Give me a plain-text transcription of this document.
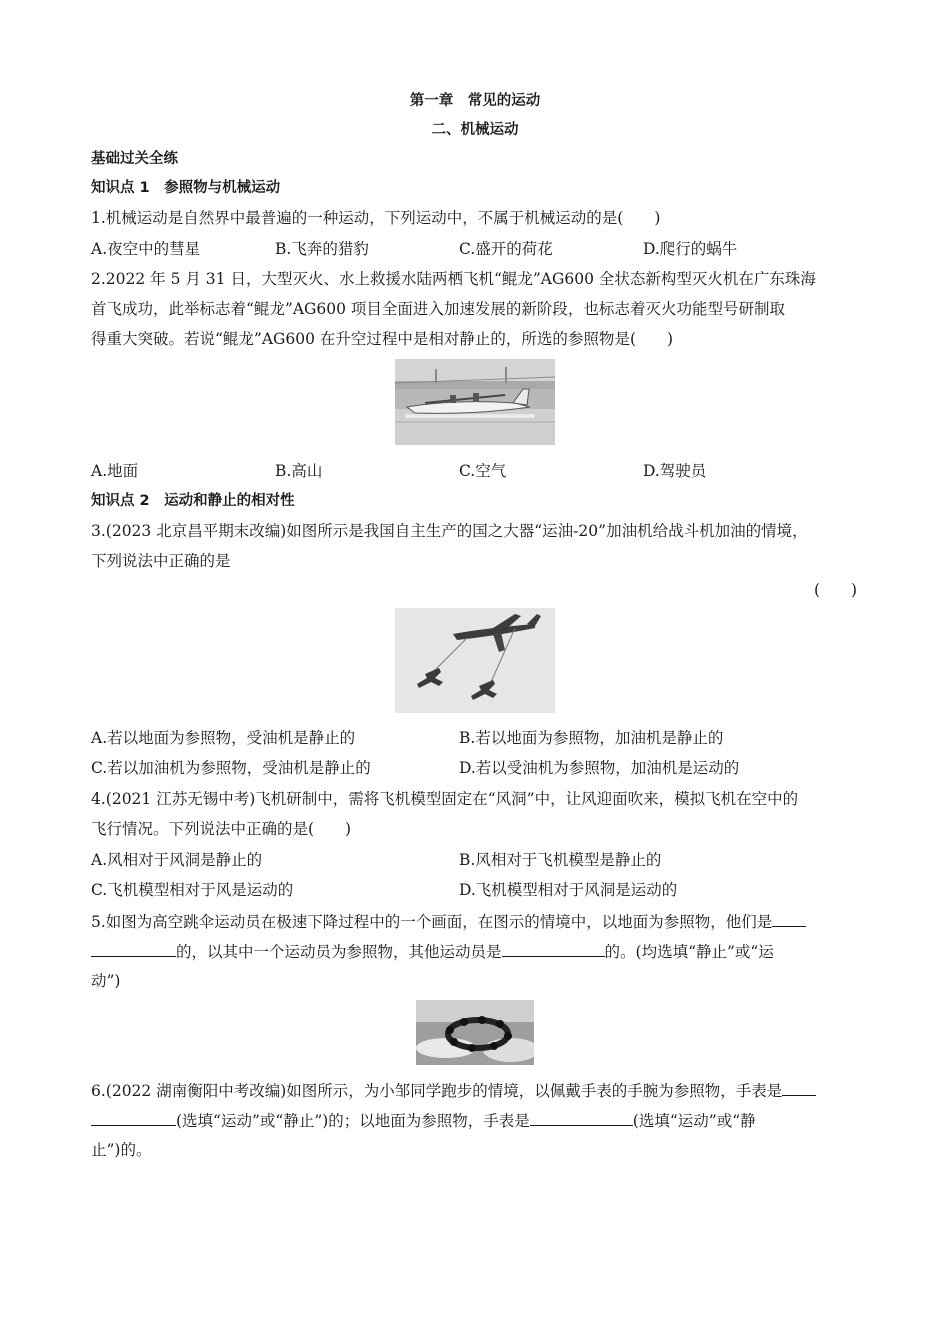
第一章　常见的运动
二、机械运动
基础过关全练
知识点 1　参照物与机械运动
1.机械运动是自然界中最普遍的一种运动，下列运动中，不属于机械运动的是(　　)
A.夜空中的彗星	B.飞奔的猎豹	C.盛开的荷花	D.爬行的蜗牛
2.2022 年 5 月 31 日，大型灭火、水上救援水陆两栖飞机“鲲龙”AG600 全状态新构型灭火机在广东珠海
首飞成功，此举标志着“鲲龙”AG600 项目全面进入加速发展的新阶段，也标志着灭火功能型号研制取
得重大突破。若说“鲲龙”AG600 在升空过程中是相对静止的，所选的参照物是(　　)
A.地面	B.高山	C.空气	D.驾驶员
知识点 2　运动和静止的相对性
3.(2023 北京昌平期末改编)如图所示是我国自主生产的国之大器“运油-20”加油机给战斗机加油的情境，
下列说法中正确的是
(　　)
A.若以地面为参照物，受油机是静止的	B.若以地面为参照物，加油机是静止的
C.若以加油机为参照物，受油机是静止的	D.若以受油机为参照物，加油机是运动的
4.(2021 江苏无锡中考)飞机研制中，需将飞机模型固定在“风洞”中，让风迎面吹来，模拟飞机在空中的
飞行情况。下列说法中正确的是(　　)
A.风相对于风洞是静止的	B.风相对于飞机模型是静止的
C.飞机模型相对于风是运动的	D.飞机模型相对于风洞是运动的
5.如图为高空跳伞运动员在极速下降过程中的一个画面，在图示的情境中，以地面为参照物，他们是
的，以其中一个运动员为参照物，其他运动员是	的。(均选填“静止”或“运
动”)
6.(2022 湖南衡阳中考改编)如图所示，为小邹同学跑步的情境，以佩戴手表的手腕为参照物，手表是
(选填“运动”或“静止”)的；以地面为参照物，手表是	(选填“运动”或“静
止”)的。
